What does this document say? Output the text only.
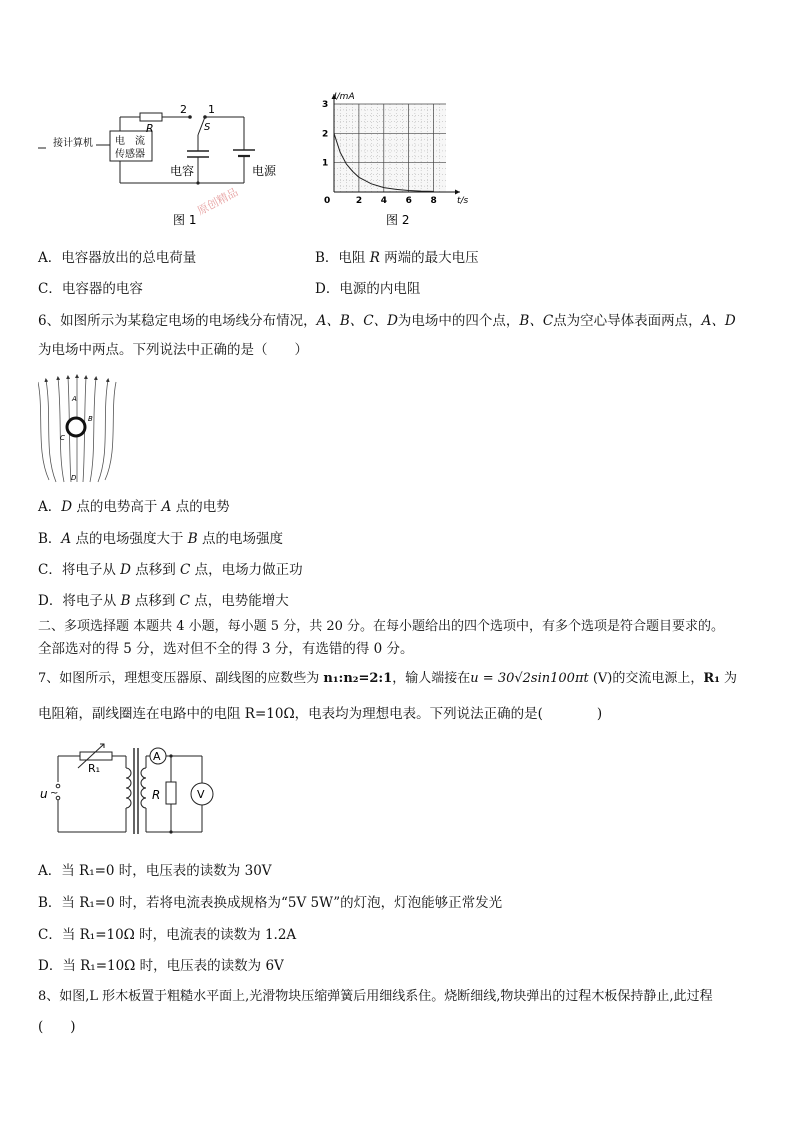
接计算机 电　流
传感器
R
2 1
S
电容	电源
原创精品
图 1
0	2 4 6 8
1
2
3
I/mA
t/s
图 2
A．电容器放出的总电荷量	B．电阻 R 两端的最大电压
C．电容器的电容	D．电源的内电阻
6、如图所示为某稳定电场的电场线分布情况，A、B、C、D为电场中的四个点，B、C点为空心导体表面两点，A、D
为电场中两点。下列说法中正确的是（　　）
A
B
C
D
A．D 点的电势高于 A 点的电势
B．A 点的电场强度大于 B 点的电场强度
C．将电子从 D 点移到 C 点，电场力做正功
D．将电子从 B 点移到 C 点，电势能增大
二、多项选择题 本题共 4 小题，每小题 5 分，共 20 分。在每小题给出的四个选项中，有多个选项是符合题目要求的。
全部选对的得 5 分，选对但不全的得 3 分，有选错的得 0 分。
7、如图所示，理想变压器原、副线图的应数些为 n₁:n₂=2:1，输人端接在u = 30√2sin100πt (V)的交流电源上，R₁ 为
电阻箱，副线圈连在电路中的电阻 R=10Ω，电表均为理想电表。下列说法正确的是(　　　　)
R₁
A
R	V
u ~
A．当 R₁=0 时，电压表的读数为 30V
B．当 R₁=0 时，若将电流表换成规格为“5V 5W”的灯泡，灯泡能够正常发光
C．当 R₁=10Ω 时，电流表的读数为 1.2A
D．当 R₁=10Ω 时，电压表的读数为 6V
8、如图,L 形木板置于粗糙水平面上,光滑物块压缩弹簧后用细线系住。烧断细线,物块弹出的过程木板保持静止,此过程
(　　)
